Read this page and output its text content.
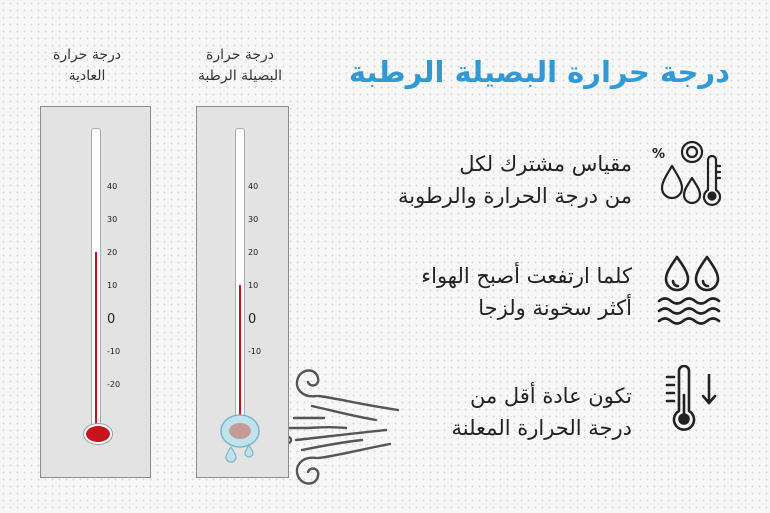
درجة حرارة البصيلة الرطبة
مقياس مشترك لكل
من درجة الحرارة والرطوبة
كلما ارتفعت أصبح الهواء
أكثر سخونة ولزجا
تكون عادة أقل من
درجة الحرارة المعلنة
%
درجة حرارة
العادية
درجة حرارة
البصيلة الرطبة
40
30
20
10
0
-10
-20
40
30
20
10
0
-10
